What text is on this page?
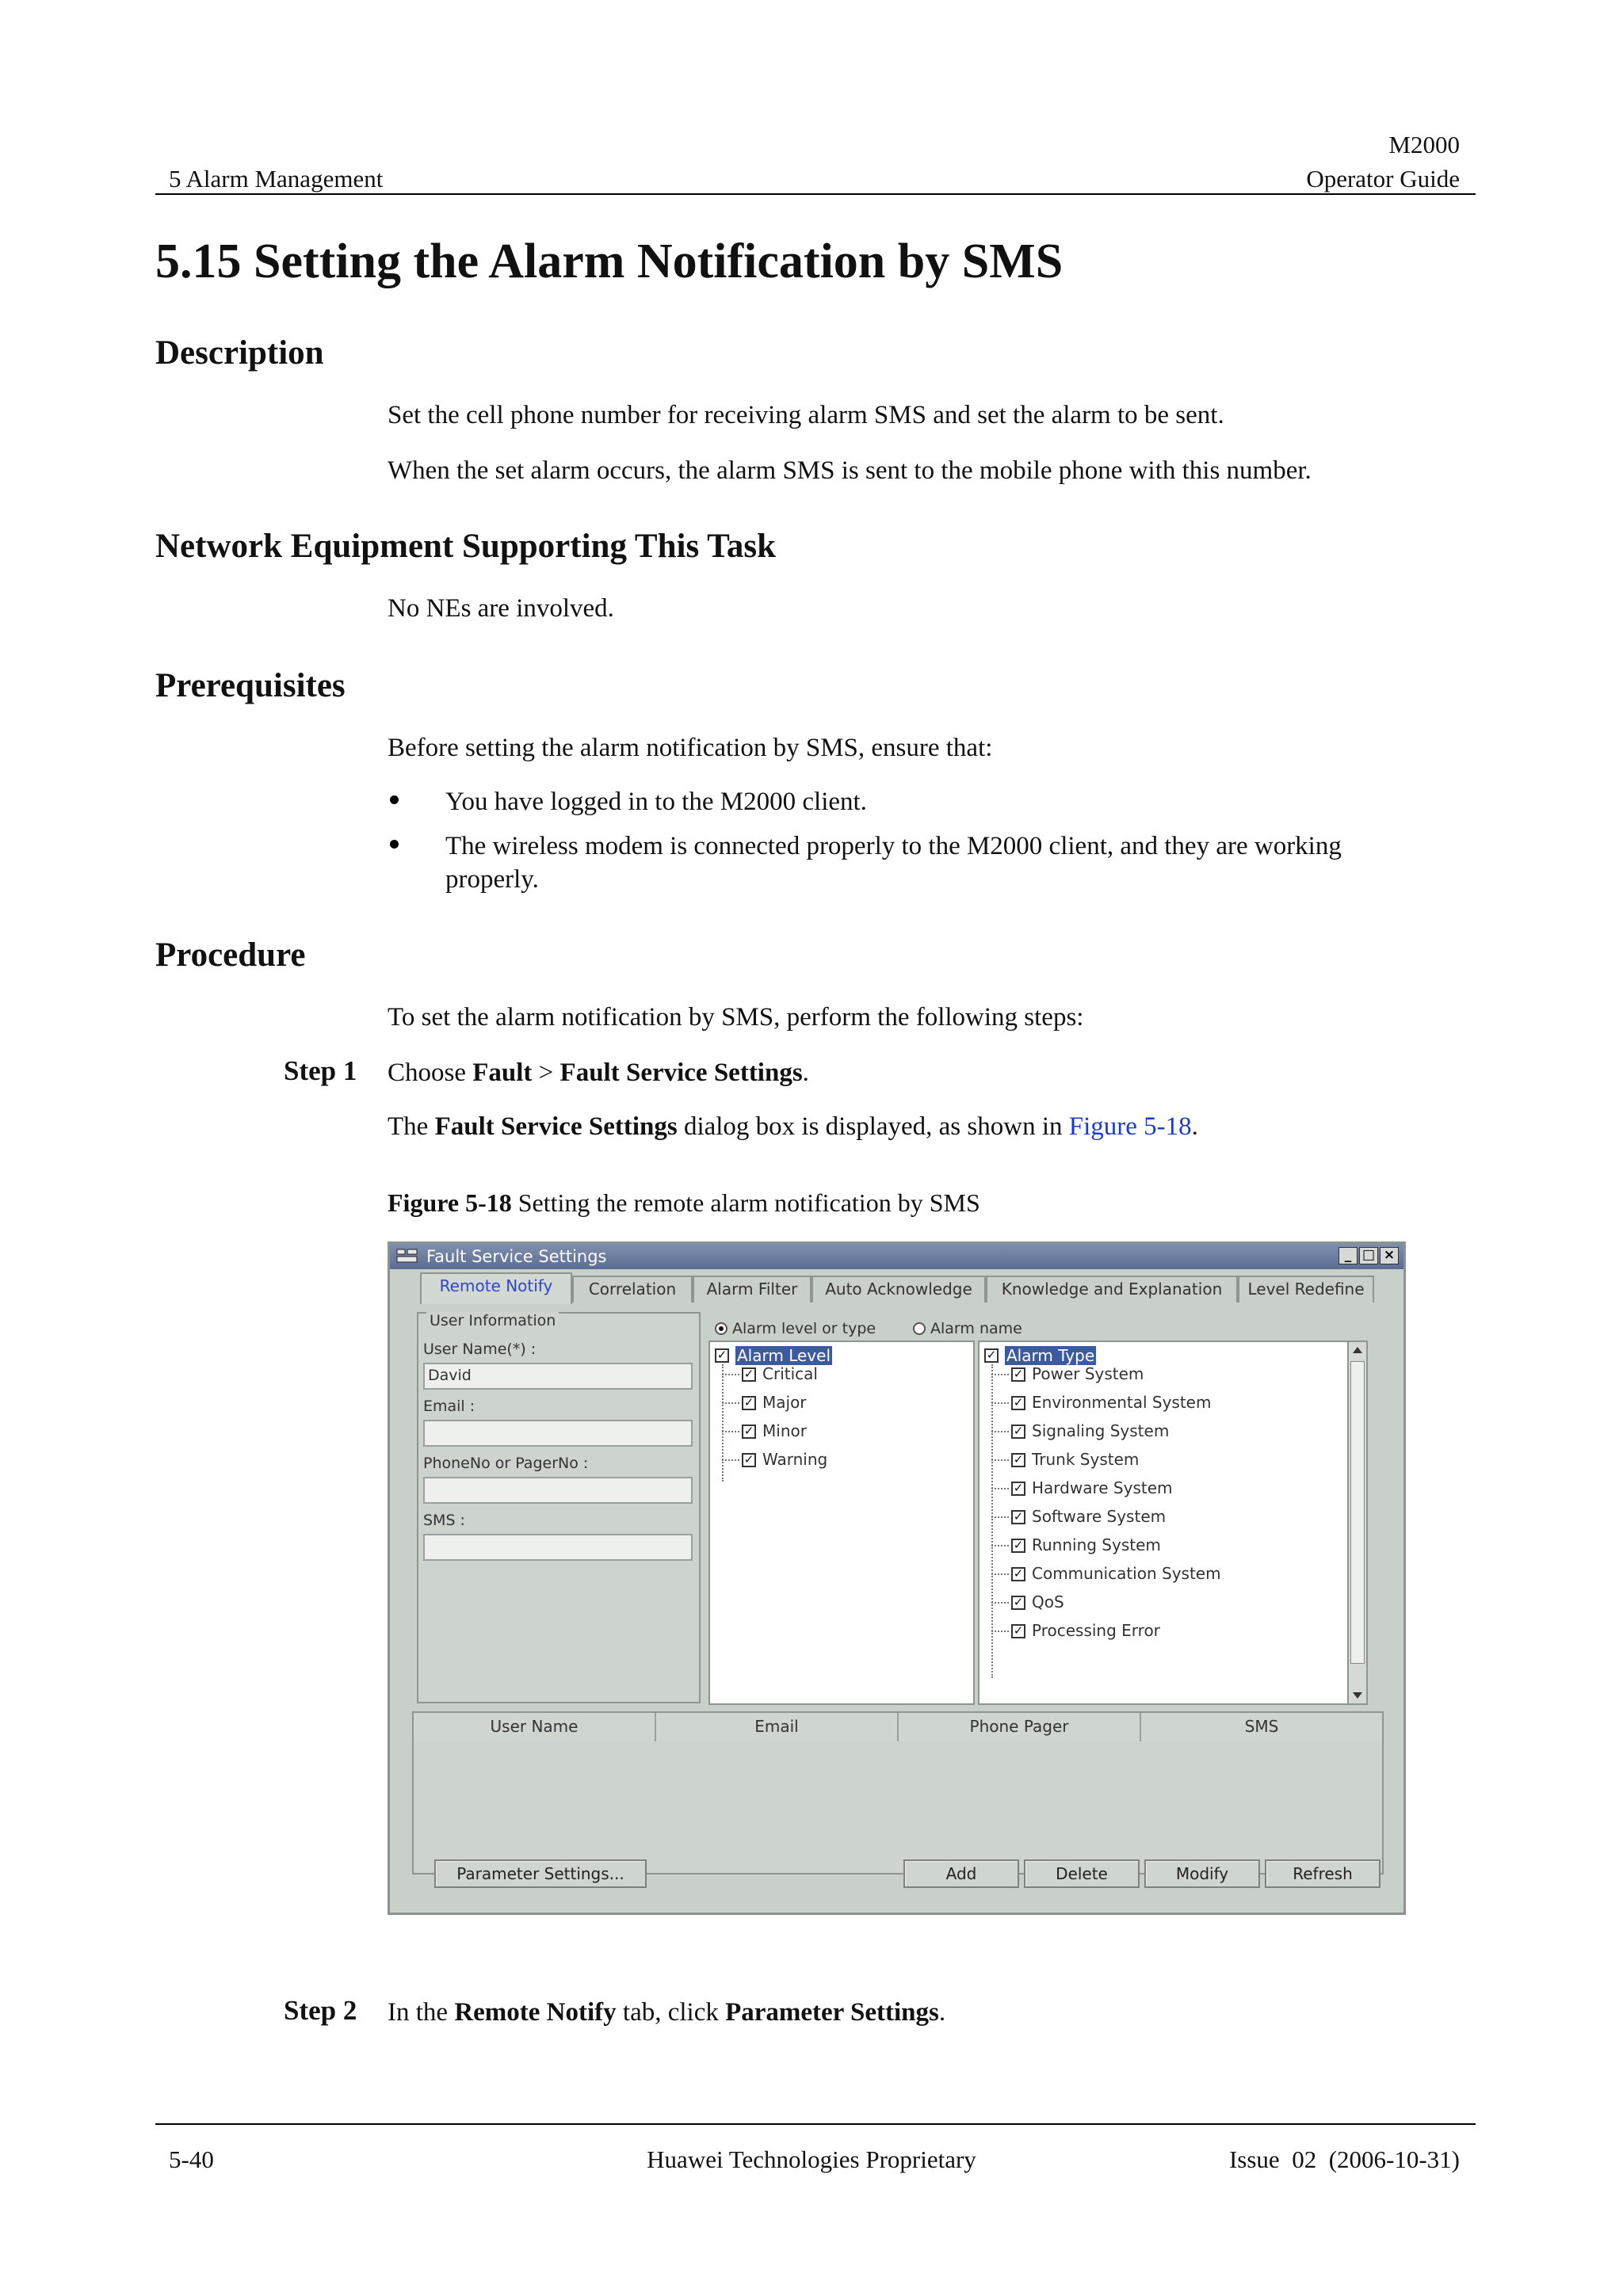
M2000
5 Alarm Management	Operator Guide
5.15 Setting the Alarm Notification by SMS
Description
Set the cell phone number for receiving alarm SMS and set the alarm to be sent.
When the set alarm occurs, the alarm SMS is sent to the mobile phone with this number.
Network Equipment Supporting This Task
No NEs are involved.
Prerequisites
Before setting the alarm notification by SMS, ensure that:
You have logged in to the M2000 client.
The wireless modem is connected properly to the M2000 client, and they are working
properly.
Procedure
To set the alarm notification by SMS, perform the following steps:
Step 1 Choose Fault > Fault Service Settings.
The Fault Service Settings dialog box is displayed, as shown in Figure 5-18.
Figure 5-18 Setting the remote alarm notification by SMS
Fault Service Settings	_ □ ×
Remote Notify	Correlation	Alarm Filter	Auto Acknowledge	Knowledge and Explanation	Level Redefine
User Information
User Name(*) :
David
Email :
PhoneNo or PagerNo :
SMS :
Alarm level or type	Alarm name
✓ Alarm Level
✓ Critical
✓ Major
✓ Minor
✓ Warning
✓ Alarm Type
✓ Power System
✓ Environmental System
✓ Signaling System
✓ Trunk System
✓ Hardware System
✓ Software System
✓ Running System
✓ Communication System
✓ QoS
✓ Processing Error
User Name	Email	Phone Pager	SMS
Parameter Settings...	Add	Delete	Modify	Refresh
Step 2 In the Remote Notify tab, click Parameter Settings.
5-40	Huawei Technologies Proprietary	Issue  02  (2006-10-31)
